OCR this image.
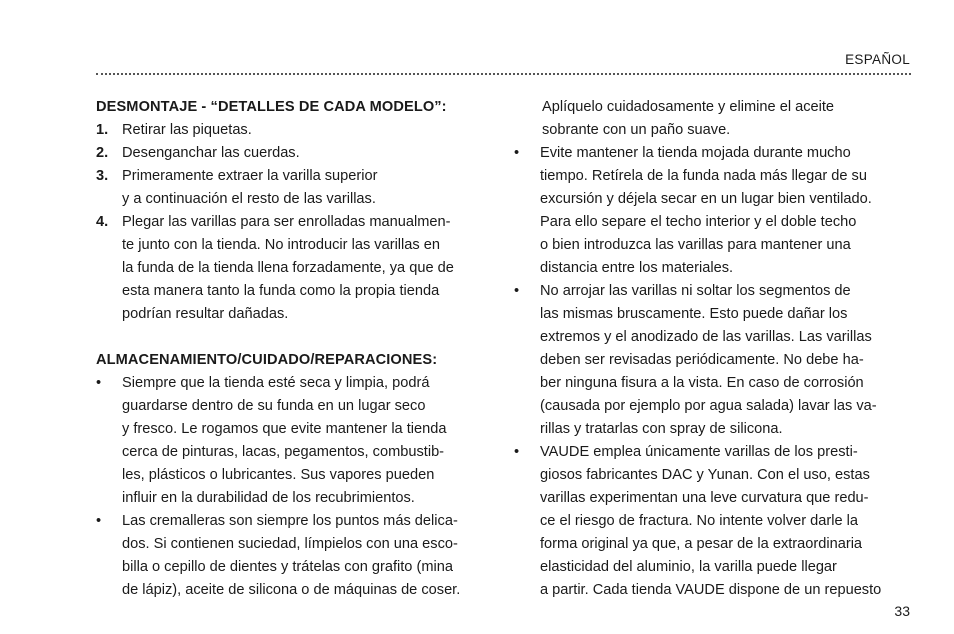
ESPAÑOL
DESMONTAJE - “DETALLES DE CADA MODELO”:
1. Retirar las piquetas.
2. Desenganchar las cuerdas.
3. Primeramente extraer la varilla superior
y a continuación el resto de las varillas.
4. Plegar las varillas para ser enrolladas manualmen-
te junto con la tienda. No introducir las varillas en
la funda de la tienda llena forzadamente, ya que de
esta manera tanto la funda como la propia tienda
podrían resultar dañadas.
ALMACENAMIENTO/CUIDADO/REPARACIONES:
• Siempre que la tienda esté seca y limpia, podrá
guardarse dentro de su funda en un lugar seco
y fresco. Le rogamos que evite mantener la tienda
cerca de pinturas, lacas, pegamentos, combustib-
les, plásticos o lubricantes. Sus vapores pueden
influir en la durabilidad de los recubrimientos.
• Las cremalleras son siempre los puntos más delica-
dos. Si contienen suciedad, límpielos con una esco-
billa o cepillo de dientes y trátelas con grafito (mina
de lápiz), aceite de silicona o de máquinas de coser.
Aplíquelo cuidadosamente y elimine el aceite
sobrante con un paño suave.
• Evite mantener la tienda mojada durante mucho
tiempo. Retírela de la funda nada más llegar de su
excursión y déjela secar en un lugar bien ventilado.
Para ello separe el techo interior y el doble techo
o bien introduzca las varillas para mantener una
distancia entre los materiales.
• No arrojar las varillas ni soltar los segmentos de
las mismas bruscamente. Esto puede dañar los
extremos y el anodizado de las varillas. Las varillas
deben ser revisadas periódicamente. No debe ha-
ber ninguna fisura a la vista. En caso de corrosión
(causada por ejemplo por agua salada) lavar las va-
rillas y tratarlas con spray de silicona.
• VAUDE emplea únicamente varillas de los presti-
giosos fabricantes DAC y Yunan. Con el uso, estas
varillas experimentan una leve curvatura que redu-
ce el riesgo de fractura. No intente volver darle la
forma original ya que, a pesar de la extraordinaria
elasticidad del aluminio, la varilla puede llegar
a partir. Cada tienda VAUDE dispone de un repuesto
33
